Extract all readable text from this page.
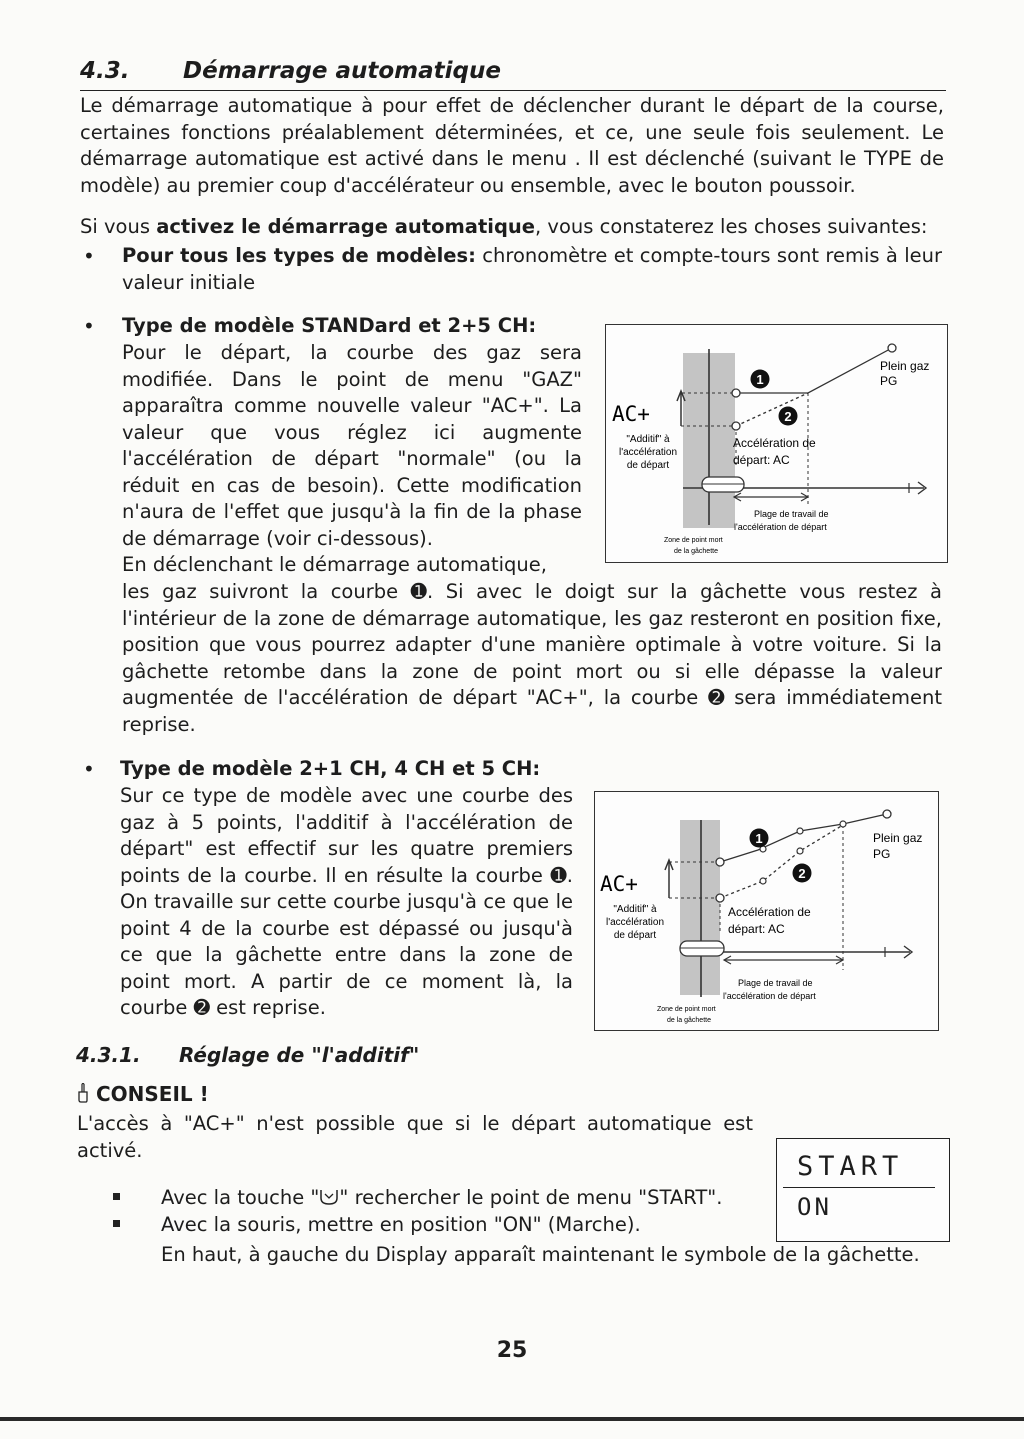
4.3. Démarrage automatique

Le démarrage automatique à pour effet de déclencher durant le départ de la course, certaines fonctions préalablement déterminées, et ce, une seule fois seulement. Le démarrage automatique est activé dans le menu . Il est déclenché (suivant le TYPE de modèle) au premier coup d'accélérateur ou ensemble, avec le bouton poussoir.

Si vous activez le démarrage automatique, vous constaterez les choses suivantes:

• Pour tous les types de modèles: chronomètre et compte-tours sont remis à leur valeur initiale

• Type de modèle STANDard et 2+5 CH:

Pour le départ, la courbe des gaz sera modifiée. Dans le point de menu "GAZ" apparaîtra comme nouvelle valeur "AC+". La valeur que vous réglez ici augmente l'accélération de départ "normale" (ou la réduit en cas de besoin). Cette modification n'aura de l'effet que jusqu'à la fin de la phase de démarrage (voir ci-dessous).

En déclenchant le démarrage automatique,

les gaz suivront la courbe ➊. Si avec le doigt sur la gâchette vous restez à l'intérieur de la zone de démarrage automatique, les gaz resteront en position fixe, position que vous pourrez adapter d'une manière optimale à votre voiture. Si la gâchette retombe dans la zone de point mort ou si elle dépasse la valeur augmentée de l'accélération de départ "AC+", la courbe ➋ sera immédiatement reprise.

1
2
AC+
"Additif" à
l'accélération
de départ
Plein gaz
PG
Accélération de
départ: AC
Plage de travail de
l'accélération de départ
Zone de point mort
de la gâchette
• Type de modèle 2+1 CH, 4 CH et 5 CH:

Sur ce type de modèle avec une courbe des gaz à 5 points, l'additif à l'accélération de départ" est effectif sur les quatre premiers points de la courbe. Il en résulte la courbe ➊. On travaille sur cette courbe jusqu'à ce que le point 4 de la courbe est dépassé ou jusqu'à ce que la gâchette entre dans la zone de point mort. A partir de ce moment là, la courbe ➋ est reprise.

1
2
AC+
"Additif" à
l'accélération
de départ
Plein gaz
PG
Accélération de
départ: AC
Plage de travail de
l'accélération de départ
Zone de point mort
de la gâchette
4.3.1. Réglage de "l'additif"
CONSEIL !

L'accès à "AC+" n'est possible que si le départ automatique est activé.

Avec la touche " " rechercher le point de menu "START".

Avec la souris, mettre en position "ON" (Marche).

En haut, à gauche du Display apparaît maintenant le symbole de la gâchette.

START
ON
25
